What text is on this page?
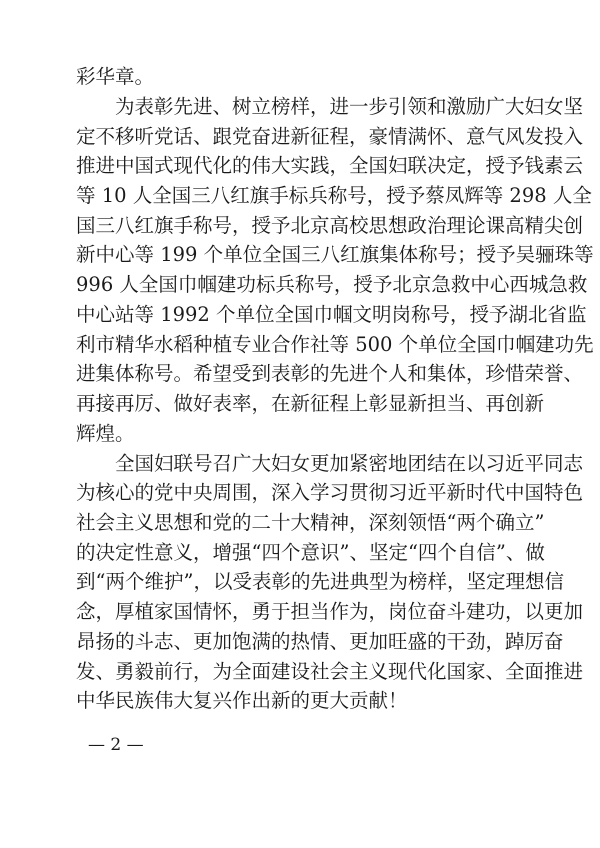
彩华章。
　　为表彰先进、树立榜样，进一步引领和激励广大妇女坚
定不移听党话、跟党奋进新征程，豪情满怀、意气风发投入
推进中国式现代化的伟大实践，全国妇联决定，授予钱素云
等 10 人全国三八红旗手标兵称号，授予蔡凤辉等 298 人全
国三八红旗手称号，授予北京高校思想政治理论课高精尖创
新中心等 199 个单位全国三八红旗集体称号；授予吴骊珠等
996 人全国巾帼建功标兵称号，授予北京急救中心西城急救
中心站等 1992 个单位全国巾帼文明岗称号，授予湖北省监
利市精华水稻种植专业合作社等 500 个单位全国巾帼建功先
进集体称号。希望受到表彰的先进个人和集体，珍惜荣誉、
再接再厉、做好表率，在新征程上彰显新担当、再创新
辉煌。
　　全国妇联号召广大妇女更加紧密地团结在以习近平同志
为核心的党中央周围，深入学习贯彻习近平新时代中国特色
社会主义思想和党的二十大精神，深刻领悟“两个确立”
的决定性意义，增强“四个意识”、坚定“四个自信”、做
到“两个维护”，以受表彰的先进典型为榜样，坚定理想信
念，厚植家国情怀，勇于担当作为，岗位奋斗建功，以更加
昂扬的斗志、更加饱满的热情、更加旺盛的干劲，踔厉奋
发、勇毅前行，为全面建设社会主义现代化国家、全面推进
中华民族伟大复兴作出新的更大贡献！
— 2 —
